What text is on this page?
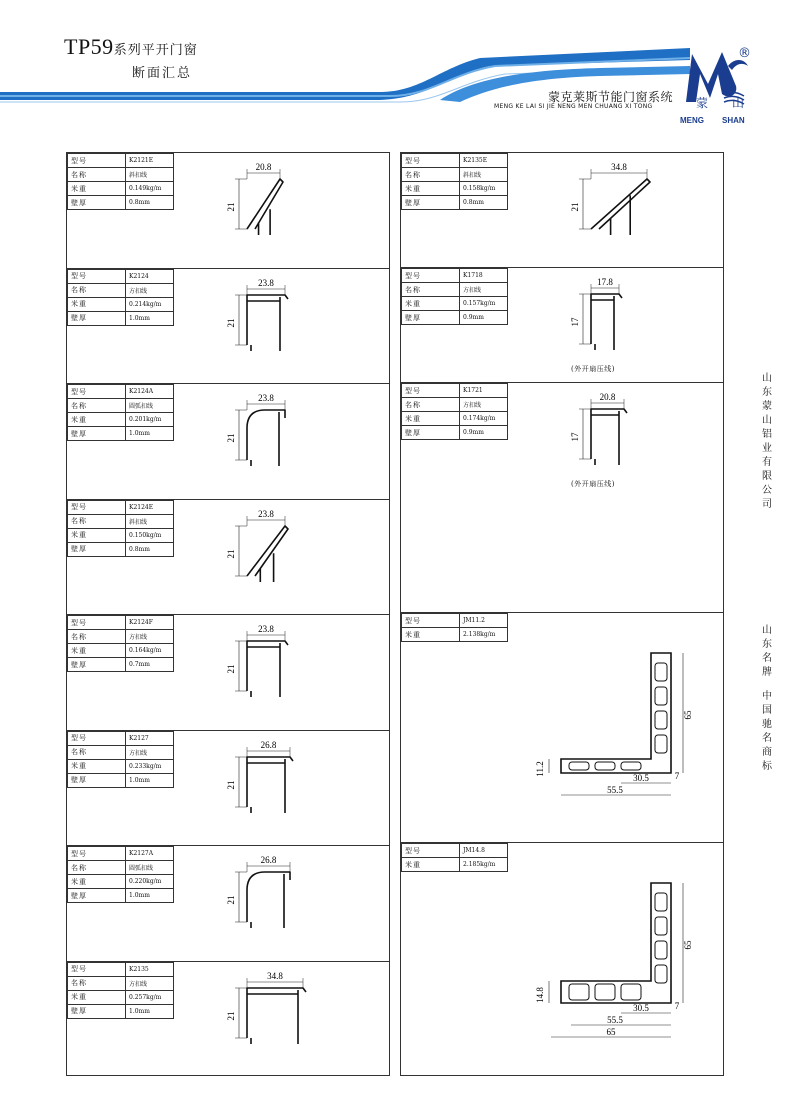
TP59系列平开门窗
断面汇总
蒙克莱斯节能门窗系统
MENG KE LAI SI JIE NENG MEN CHUANG XI TONG
®
蒙 山
MENG SHAN
型号	K2121E
名称	斜扣线
米重	0.149kg/m
壁厚	0.8mm
20.8
21
型号	K2124
名称	方扣线
米重	0.214kg/m
壁厚	1.0mm
23.8
21
型号	K2124A
名称	圆弧扣线
米重	0.201kg/m
壁厚	1.0mm
23.8
21
型号	K2124E
名称	斜扣线
米重	0.150kg/m
壁厚	0.8mm
23.8
21
型号	K2124F
名称	方扣线
米重	0.164kg/m
壁厚	0.7mm
23.8
21
型号	K2127
名称	方扣线
米重	0.233kg/m
壁厚	1.0mm
26.8
21
型号	K2127A
名称	圆弧扣线
米重	0.220kg/m
壁厚	1.0mm
26.8
21
型号	K2135
名称	方扣线
米重	0.257kg/m
壁厚	1.0mm
34.8
21
型号	K2135E
名称	斜扣线
米重	0.158kg/m
壁厚	0.8mm
34.8
21
型号	K1718
名称	方扣线
米重	0.157kg/m
壁厚	0.9mm
17.8
17
(外开扇压线)
型号	K1721
名称	方扣线
米重	0.174kg/m
壁厚	0.9mm
20.8
17
(外开扇压线)
型号	JM11.2
米重	2.138kg/m
65
11.2
30.5	7
55.5
型号	JM14.8
米重	2.185kg/m
65
14.8
30.5	7
55.5
65
山东蒙山铝业有限公司
山东名牌
中国驰名商标
